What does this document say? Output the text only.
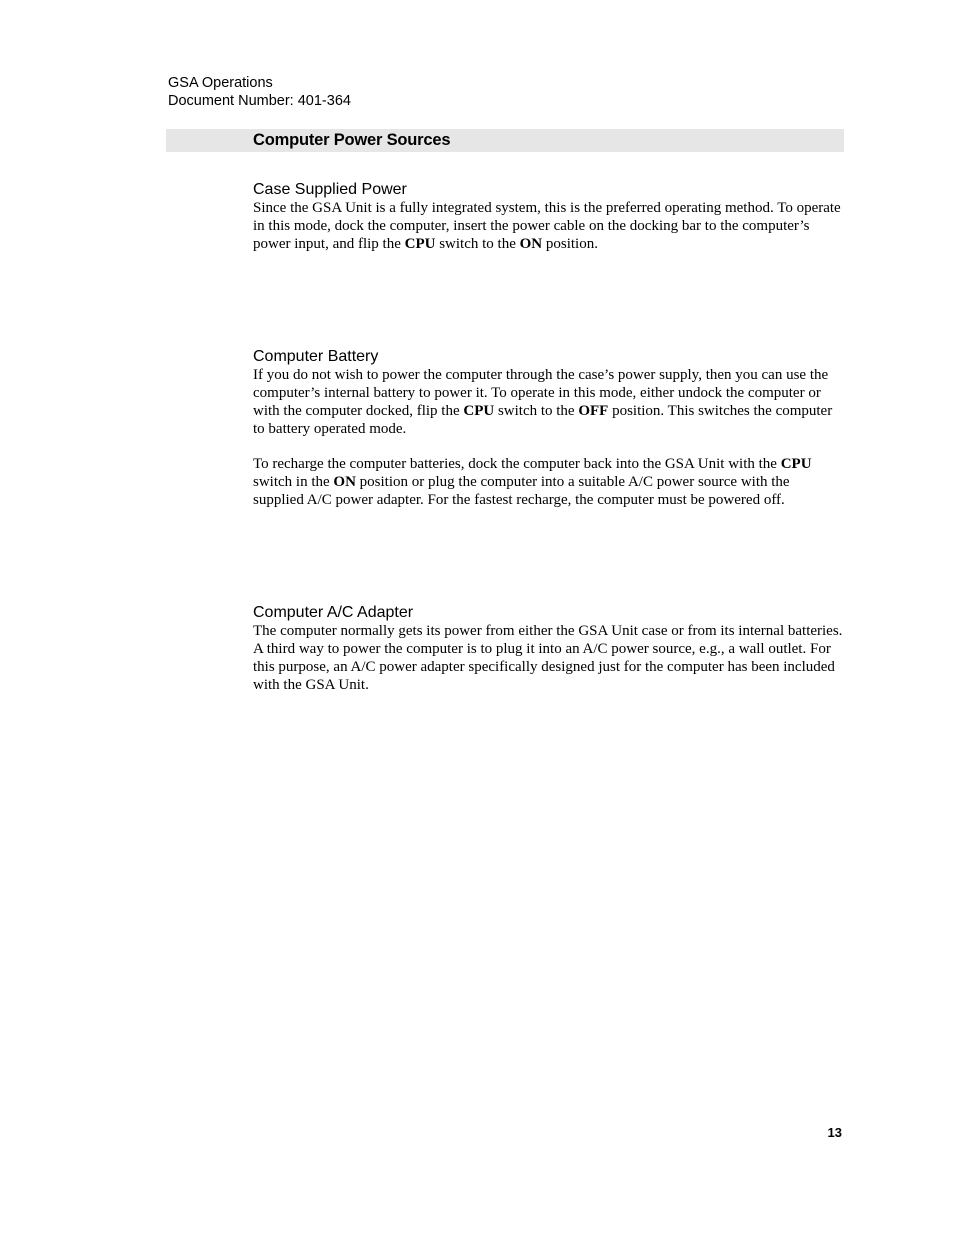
GSA Operations
Document Number: 401-364
Computer Power Sources
Case Supplied Power

Since the GSA Unit is a fully integrated system, this is the preferred operating method. To operate in this mode, dock the computer, insert the power cable on the docking bar to the computer’s power input, and flip the CPU switch to the ON position.

Computer Battery

If you do not wish to power the computer through the case’s power supply, then you can use the computer’s internal battery to power it. To operate in this mode, either undock the computer or with the computer docked, flip the CPU switch to the OFF position. This switches the computer to battery operated mode.

To recharge the computer batteries, dock the computer back into the GSA Unit with the CPU switch in the ON position or plug the computer into a suitable A/C power source with the supplied A/C power adapter. For the fastest recharge, the computer must be powered off.

Computer A/C Adapter

The computer normally gets its power from either the GSA Unit case or from its internal batteries. A third way to power the computer is to plug it into an A/C power source, e.g., a wall outlet. For this purpose, an A/C power adapter specifically designed just for the computer has been included with the GSA Unit.

13
